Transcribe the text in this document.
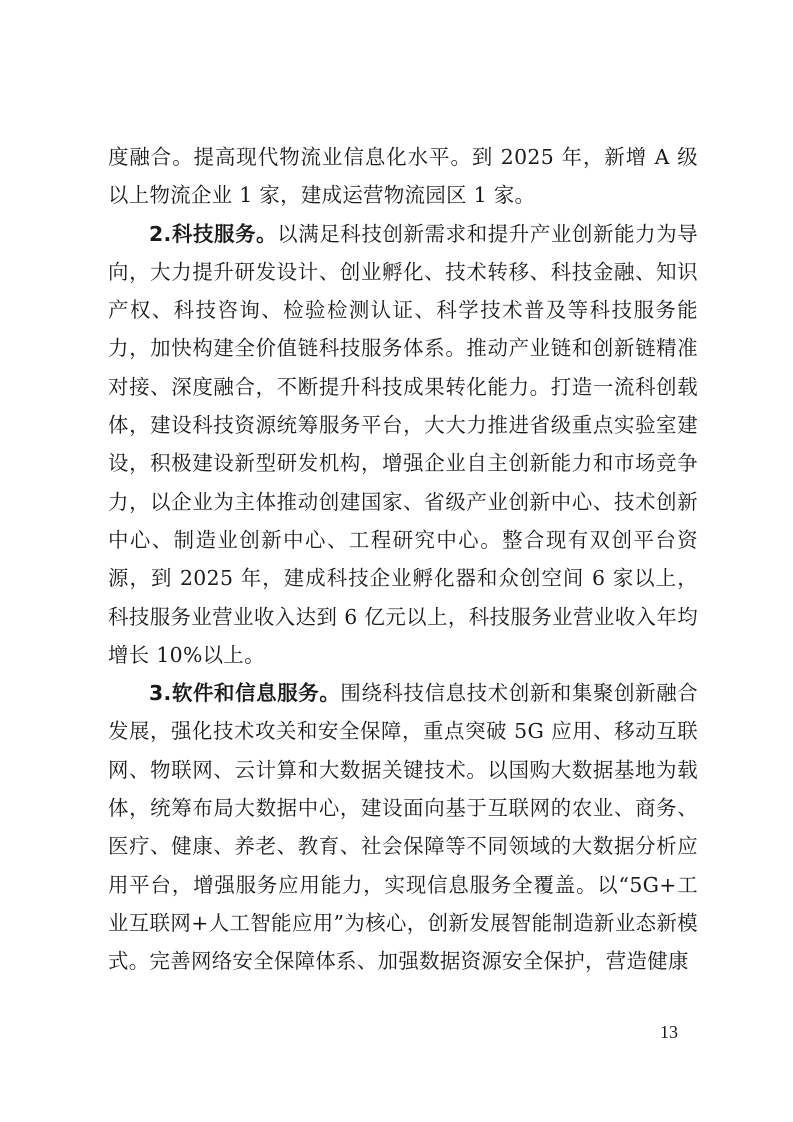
度融合。提高现代物流业信息化水平。到 2025 年，新增 A 级以上物流企业 1 家，建成运营物流园区 1 家。

2.科技服务。以满足科技创新需求和提升产业创新能力为导向，大力提升研发设计、创业孵化、技术转移、科技金融、知识产权、科技咨询、检验检测认证、科学技术普及等科技服务能力，加快构建全价值链科技服务体系。推动产业链和创新链精准对接、深度融合，不断提升科技成果转化能力。打造一流科创载体，建设科技资源统筹服务平台，大大力推进省级重点实验室建设，积极建设新型研发机构，增强企业自主创新能力和市场竞争力，以企业为主体推动创建国家、省级产业创新中心、技术创新中心、制造业创新中心、工程研究中心。整合现有双创平台资源，到 2025 年，建成科技企业孵化器和众创空间 6 家以上，科技服务业营业收入达到 6 亿元以上，科技服务业营业收入年均增长 10%以上。

3.软件和信息服务。围绕科技信息技术创新和集聚创新融合发展，强化技术攻关和安全保障，重点突破 5G 应用、移动互联网、物联网、云计算和大数据关键技术。以国购大数据基地为载体，统筹布局大数据中心，建设面向基于互联网的农业、商务、医疗、健康、养老、教育、社会保障等不同领域的大数据分析应用平台，增强服务应用能力，实现信息服务全覆盖。以“5G+工业互联网+人工智能应用”为核心，创新发展智能制造新业态新模式。完善网络安全保障体系、加强数据资源安全保护，营造健康

13
